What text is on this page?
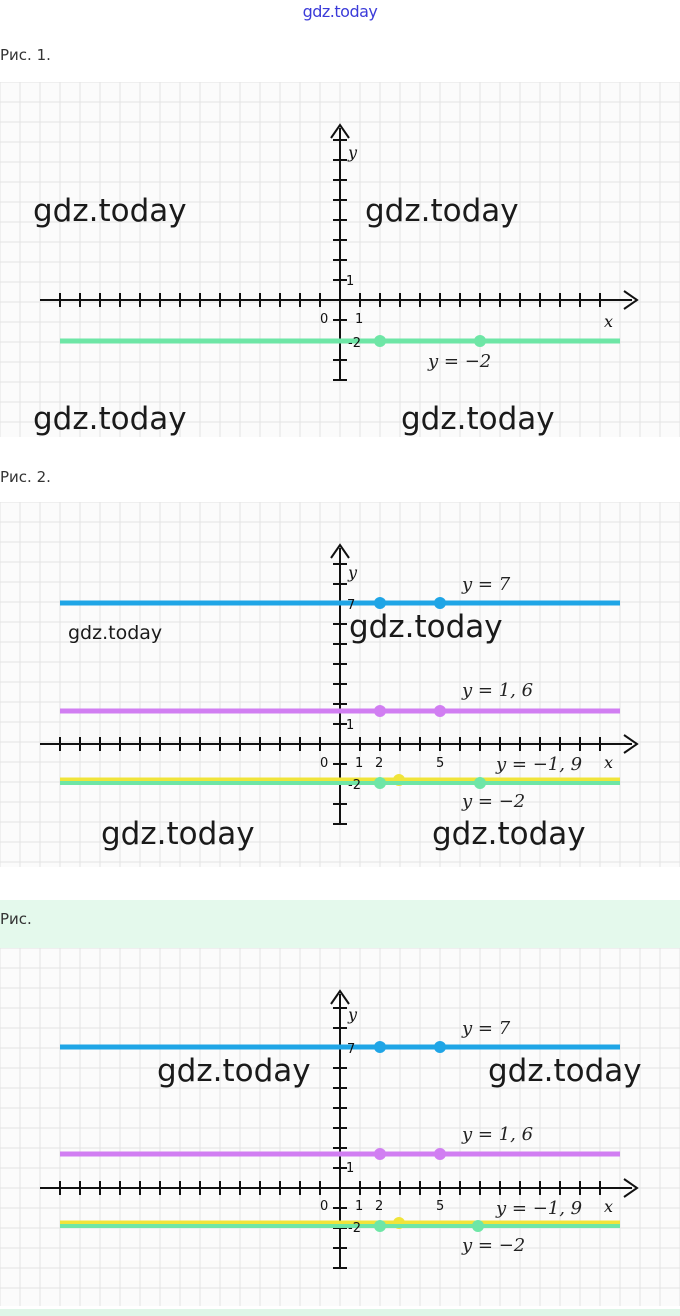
gdz.today
Рис. 1.
0 1
1
-2
x
y
y = −2
gdz.today	gdz.today
gdz.today	gdz.today
Рис. 2.
0 1 2	5
1
7
-2
x
y
y = 7
y = 1, 6
y = −1, 9
y = −2
gdz.today	gdz.today
gdz.today	gdz.today
Рис.
0 1 2	5
1
7
-2
x
y
y = 7
y = 1, 6
y = −1, 9
y = −2
gdz.today	gdz.today
